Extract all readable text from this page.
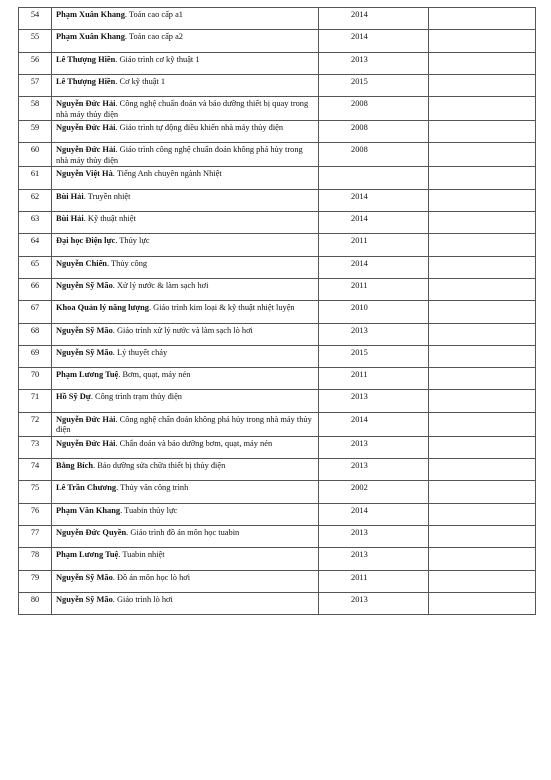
54	Phạm Xuân Khang. Toán cao cấp a1	2014	
55	Phạm Xuân Khang. Toán cao cấp a2	2014	
56	Lê Thượng Hiền. Giáo trình cơ kỹ thuật 1	2013	
57	Lê Thượng Hiền. Cơ kỹ thuật 1	2015	
58	Nguyễn Đức Hải. Công nghệ chuẩn đoán và bảo dưỡng thiết bị quay trong nhà máy thủy điện	2008	
59	Nguyễn Đức Hải. Giáo trình tự động điều khiển nhà máy thủy điện	2008	
60	Nguyễn Đức Hải. Giáo trình công nghệ chuẩn đoán không phá hủy trong nhà máy thủy điện	2008	
61	Nguyễn Việt Hà. Tiếng Anh chuyên ngành Nhiệt		
62	Bùi Hải. Truyền nhiệt	2014	
63	Bùi Hải. Kỹ thuật nhiệt	2014	
64	Đại học Điện lực. Thủy lực	2011	
65	Nguyễn Chiến. Thủy công	2014	
66	Nguyễn Sỹ Mão. Xử lý nước & làm sạch hơi	2011	
67	Khoa Quản lý năng lượng. Giáo trình kim loại & kỹ thuật nhiệt luyện	2010	
68	Nguyễn Sỹ Mão. Giáo trình xử lý nước và làm sạch lò hơi	2013	
69	Nguyễn Sỹ Mão. Lý thuyết cháy	2015	
70	Phạm Lương Tuệ. Bơm, quạt, máy nén	2011	
71	Hồ Sỹ Dự. Công trình trạm thủy điện	2013	
72	Nguyễn Đức Hải. Công nghệ chẩn đoán không phá hủy trong nhà máy thủy điện	2014	
73	Nguyễn Đức Hải. Chẩn đoán và bảo dưỡng bơm, quạt, máy nén	2013	
74	Bằng Bích. Bảo dưỡng sửa chữa thiết bị thủy điện	2013	
75	Lê Trần Chương. Thủy văn công trình	2002	
76	Phạm Văn Khang. Tuabin thủy lực	2014	
77	Nguyễn Đức Quyền. Giáo trình đồ án môn học tuabin	2013	
78	Phạm Lương Tuệ. Tuabin nhiệt	2013	
79	Nguyễn Sỹ Mão. Đồ án môn học lò hơi	2011	
80	Nguyễn Sỹ Mão. Giáo trình lò hơi	2013	
